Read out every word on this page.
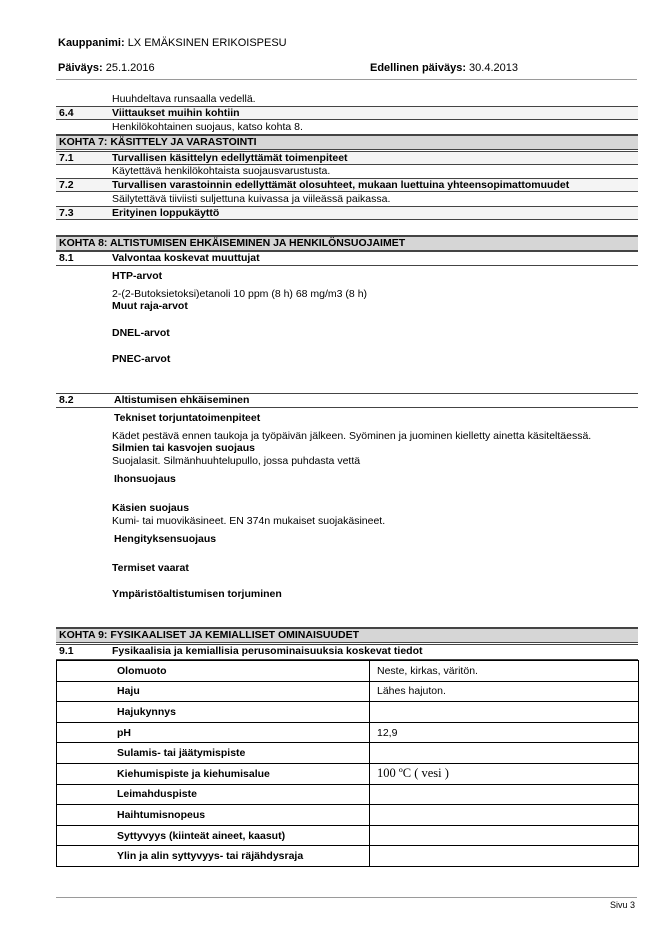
Kauppanimi: LX EMÄKSINEN ERIKOISPESU
Päiväys: 25.1.2016	Edellinen päiväys: 30.4.2013
Huuhdeltava runsaalla vedellä.
6.4	Viittaukset muihin kohtiin
Henkilökohtainen suojaus, katso kohta 8.
KOHTA 7: KÄSITTELY JA VARASTOINTI
7.1	Turvallisen käsittelyn edellyttämät toimenpiteet
Käytettävä henkilökohtaista suojausvarustusta.
7.2	Turvallisen varastoinnin edellyttämät olosuhteet, mukaan luettuina yhteensopimattomuudet
Säilytettävä tiiviisti suljettuna kuivassa ja viileässä paikassa.
7.3	Erityinen loppukäyttö
KOHTA 8: ALTISTUMISEN EHKÄISEMINEN JA HENKILÖNSUOJAIMET
8.1	Valvontaa koskevat muuttujat
HTP-arvot
2-(2-Butoksietoksi)etanoli 10 ppm (8 h) 68 mg/m3 (8 h)
Muut raja-arvot
DNEL-arvot
PNEC-arvot
8.2	Altistumisen ehkäiseminen
Tekniset torjuntatoimenpiteet
Kädet pestävä ennen taukoja ja työpäivän jälkeen. Syöminen ja juominen kielletty ainetta käsiteltäessä.
Silmien tai kasvojen suojaus
Suojalasit. Silmänhuuhtelupullo, jossa puhdasta vettä
Ihonsuojaus
Käsien suojaus
Kumi- tai muovikäsineet. EN 374n mukaiset suojakäsineet.
Hengityksensuojaus
Termiset vaarat
Ympäristöaltistumisen torjuminen
KOHTA 9: FYSIKAALISET JA KEMIALLISET OMINAISUUDET
9.1	Fysikaalisia ja kemiallisia perusominaisuuksia koskevat tiedot
Olomuoto	Neste, kirkas, väritön.
Haju	Lähes hajuton.
Hajukynnys	
pH	12,9
Sulamis- tai jäätymispiste	
Kiehumispiste ja kiehumisalue	100 ºC ( vesi )
Leimahduspiste	
Haihtumisnopeus	
Syttyvyys (kiinteät aineet, kaasut)	
Ylin ja alin syttyvyys- tai räjähdysraja	
Sivu 3
